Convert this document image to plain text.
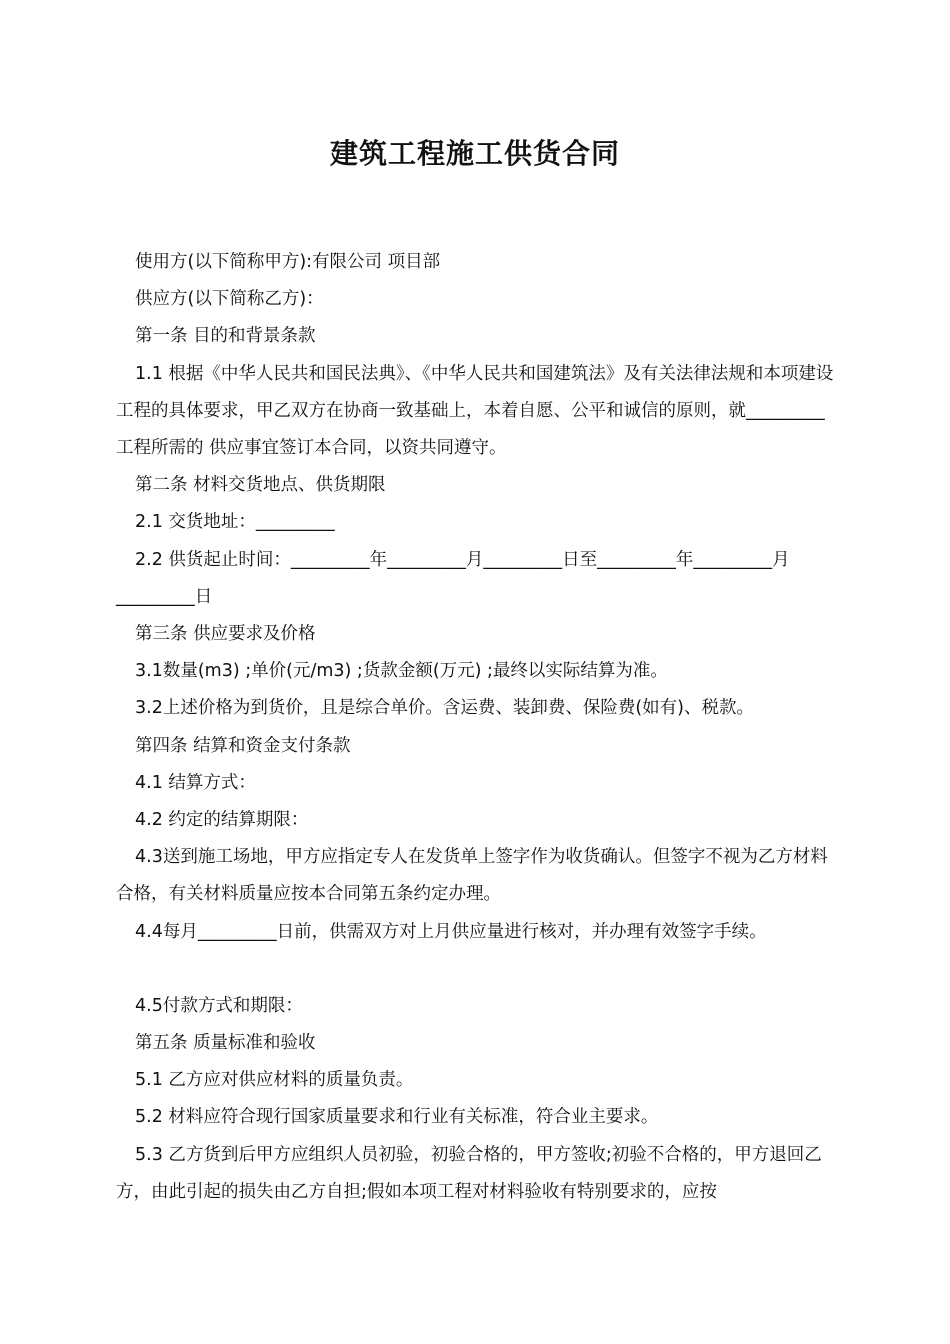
建筑工程施工供货合同

使用方(以下简称甲方):有限公司 项目部

供应方(以下简称乙方)：

第一条 目的和背景条款

1.1 根据《中华人民共和国民法典》、《中华人民共和国建筑法》及有关法律法规和本项建设工程的具体要求，甲乙双方在协商一致基础上，本着自愿、公平和诚信的原则，就_________工程所需的 供应事宜签订本合同，以资共同遵守。

第二条 材料交货地点、供货期限

2.1 交货地址：_________

2.2 供货起止时间：_________年_________月_________日至_________年_________月_________日

第三条 供应要求及价格

3.1数量(m3) ;单价(元/m3) ;货款金额(万元) ;最终以实际结算为准。

3.2上述价格为到货价，且是综合单价。含运费、装卸费、保险费(如有)、税款。

第四条 结算和资金支付条款

4.1 结算方式：

4.2 约定的结算期限：

4.3送到施工场地，甲方应指定专人在发货单上签字作为收货确认。但签字不视为乙方材料合格，有关材料质量应按本合同第五条约定办理。

4.4每月_________日前，供需双方对上月供应量进行核对，并办理有效签字手续。

4.5付款方式和期限：

第五条 质量标准和验收

5.1 乙方应对供应材料的质量负责。

5.2 材料应符合现行国家质量要求和行业有关标准，符合业主要求。

5.3 乙方货到后甲方应组织人员初验，初验合格的，甲方签收;初验不合格的，甲方退回乙方，由此引起的损失由乙方自担;假如本项工程对材料验收有特别要求的，应按
